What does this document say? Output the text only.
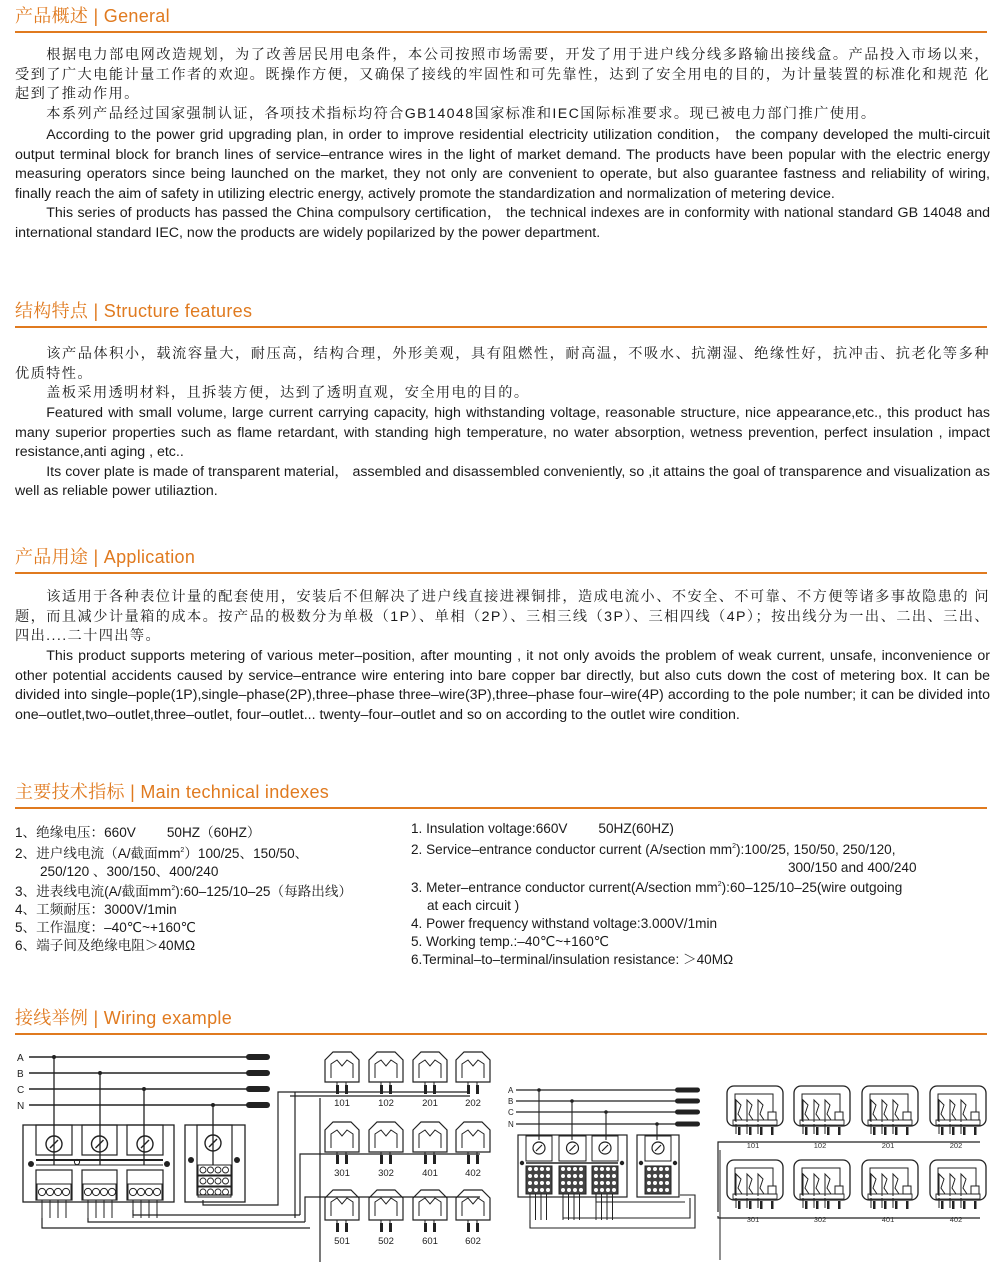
产品概述 | General

根据电力部电网改造规划，为了改善居民用电条件，本公司按照市场需要，开发了用于进户线分线多路输出接线盒。产品投入市场以来，受到了广大电能计量工作者的欢迎。既操作方便，又确保了接线的牢固性和可先靠性，达到了安全用电的目的，为计量装置的标准化和规范 化起到了推动作用。

本系列产品经过国家强制认证，各项技术指标均符合GB14048国家标准和IEC国际标准要求。现已被电力部门推广使用。

According to the power grid upgrading plan, in order to improve residential electricity utilization condition， the company developed the multi-circuit output terminal block for branch lines of service–entrance wires in the light of market demand. The products have been popular with the electric energy measuring operators since being launched on the market, they not only are convenient to operate, but also guarantee fastness and reliability of wiring, finally reach the aim of safety in utilizing electric energy, actively promote the standardization and normalization of metering device.

This series of products has passed the China compulsory certification， the technical indexes are in conformity with national standard GB 14048 and international standard IEC, now the products are widely popilarized by the power department.

结构特点 | Structure features

该产品体积小，载流容量大，耐压高，结构合理，外形美观，具有阻燃性，耐高温，不吸水、抗潮湿、绝缘性好，抗冲击、抗老化等多种优质特性。

盖板采用透明材料，且拆装方便，达到了透明直观，安全用电的目的。

Featured with small volume, large current carrying capacity, high withstanding voltage, reasonable structure, nice appearance,etc., this product has many superior properties such as flame retardant, with standing high temperature, no water absorption, wetness prevention, perfect insulation , impact resistance,anti aging , etc..

Its cover plate is made of transparent material， assembled and disassembled conveniently, so ,it attains the goal of transparence and visualization as well as reliable power utiliaztion.

产品用途 | Application

该适用于各种表位计量的配套使用，安装后不但解决了进户线直接进裸铜排，造成电流小、不安全、不可靠、不方便等诸多事故隐患的 问题，而且减少计量箱的成本。按产品的极数分为单极（1P）、单相（2P）、三相三线（3P）、三相四线（4P）；按出线分为一出、二出、三出、四出....二十四出等。

This product supports metering of various meter–position, after mounting , it not only avoids the problem of weak current, unsafe, inconvenience or other potential accidents caused by service–entrance wire entering into bare copper bar directly, but also cuts down the cost of metering box. It can be divided into single–pople(1P),single–phase(2P),three–phase three–wire(3P),three–phase four–wire(4P) according to the pole number; it can be divided into one–outlet,two–outlet,three–outlet, four–outlet... twenty–four–outlet and so on according to the outlet wire condition.

主要技术指标 | Main technical indexes
1、绝缘电压：660V　　 50HZ（60HZ）
2、进户线电流（A/截面$mm^2)100/25$、150/50、
250/120 、300/150、400/240
3、进表线电流(A/截面$mm^2):60-125/10-25$（每路出线）
4、工频耐压：3000V/1min
5、工作温度：–40℃~+160℃
6、端子间及绝缘电阻＞40MΩ
1. Insulation voltage:660V　　 50HZ(60HZ)
2. Service–entrance conductor current (A/section $mm^2):100/25$, 150/50, 250/120,
300/150 and 400/240
3. Meter–entrance conductor current(A/section $mm^2):60-125/10-25(wire$ outgoing
at each circuit )
4. Power frequency withstand voltage:3.000V/1min
5. Working temp.:–40℃~+160℃
6.Terminal–to–terminal/insulation resistance: ＞40MΩ
接线举例 | Wiring example
A
B
C
N	101	102	201	202
301	302	401	402
501	502	601	602
A
B
C
N
101	102	201	202
301	302	401	402
